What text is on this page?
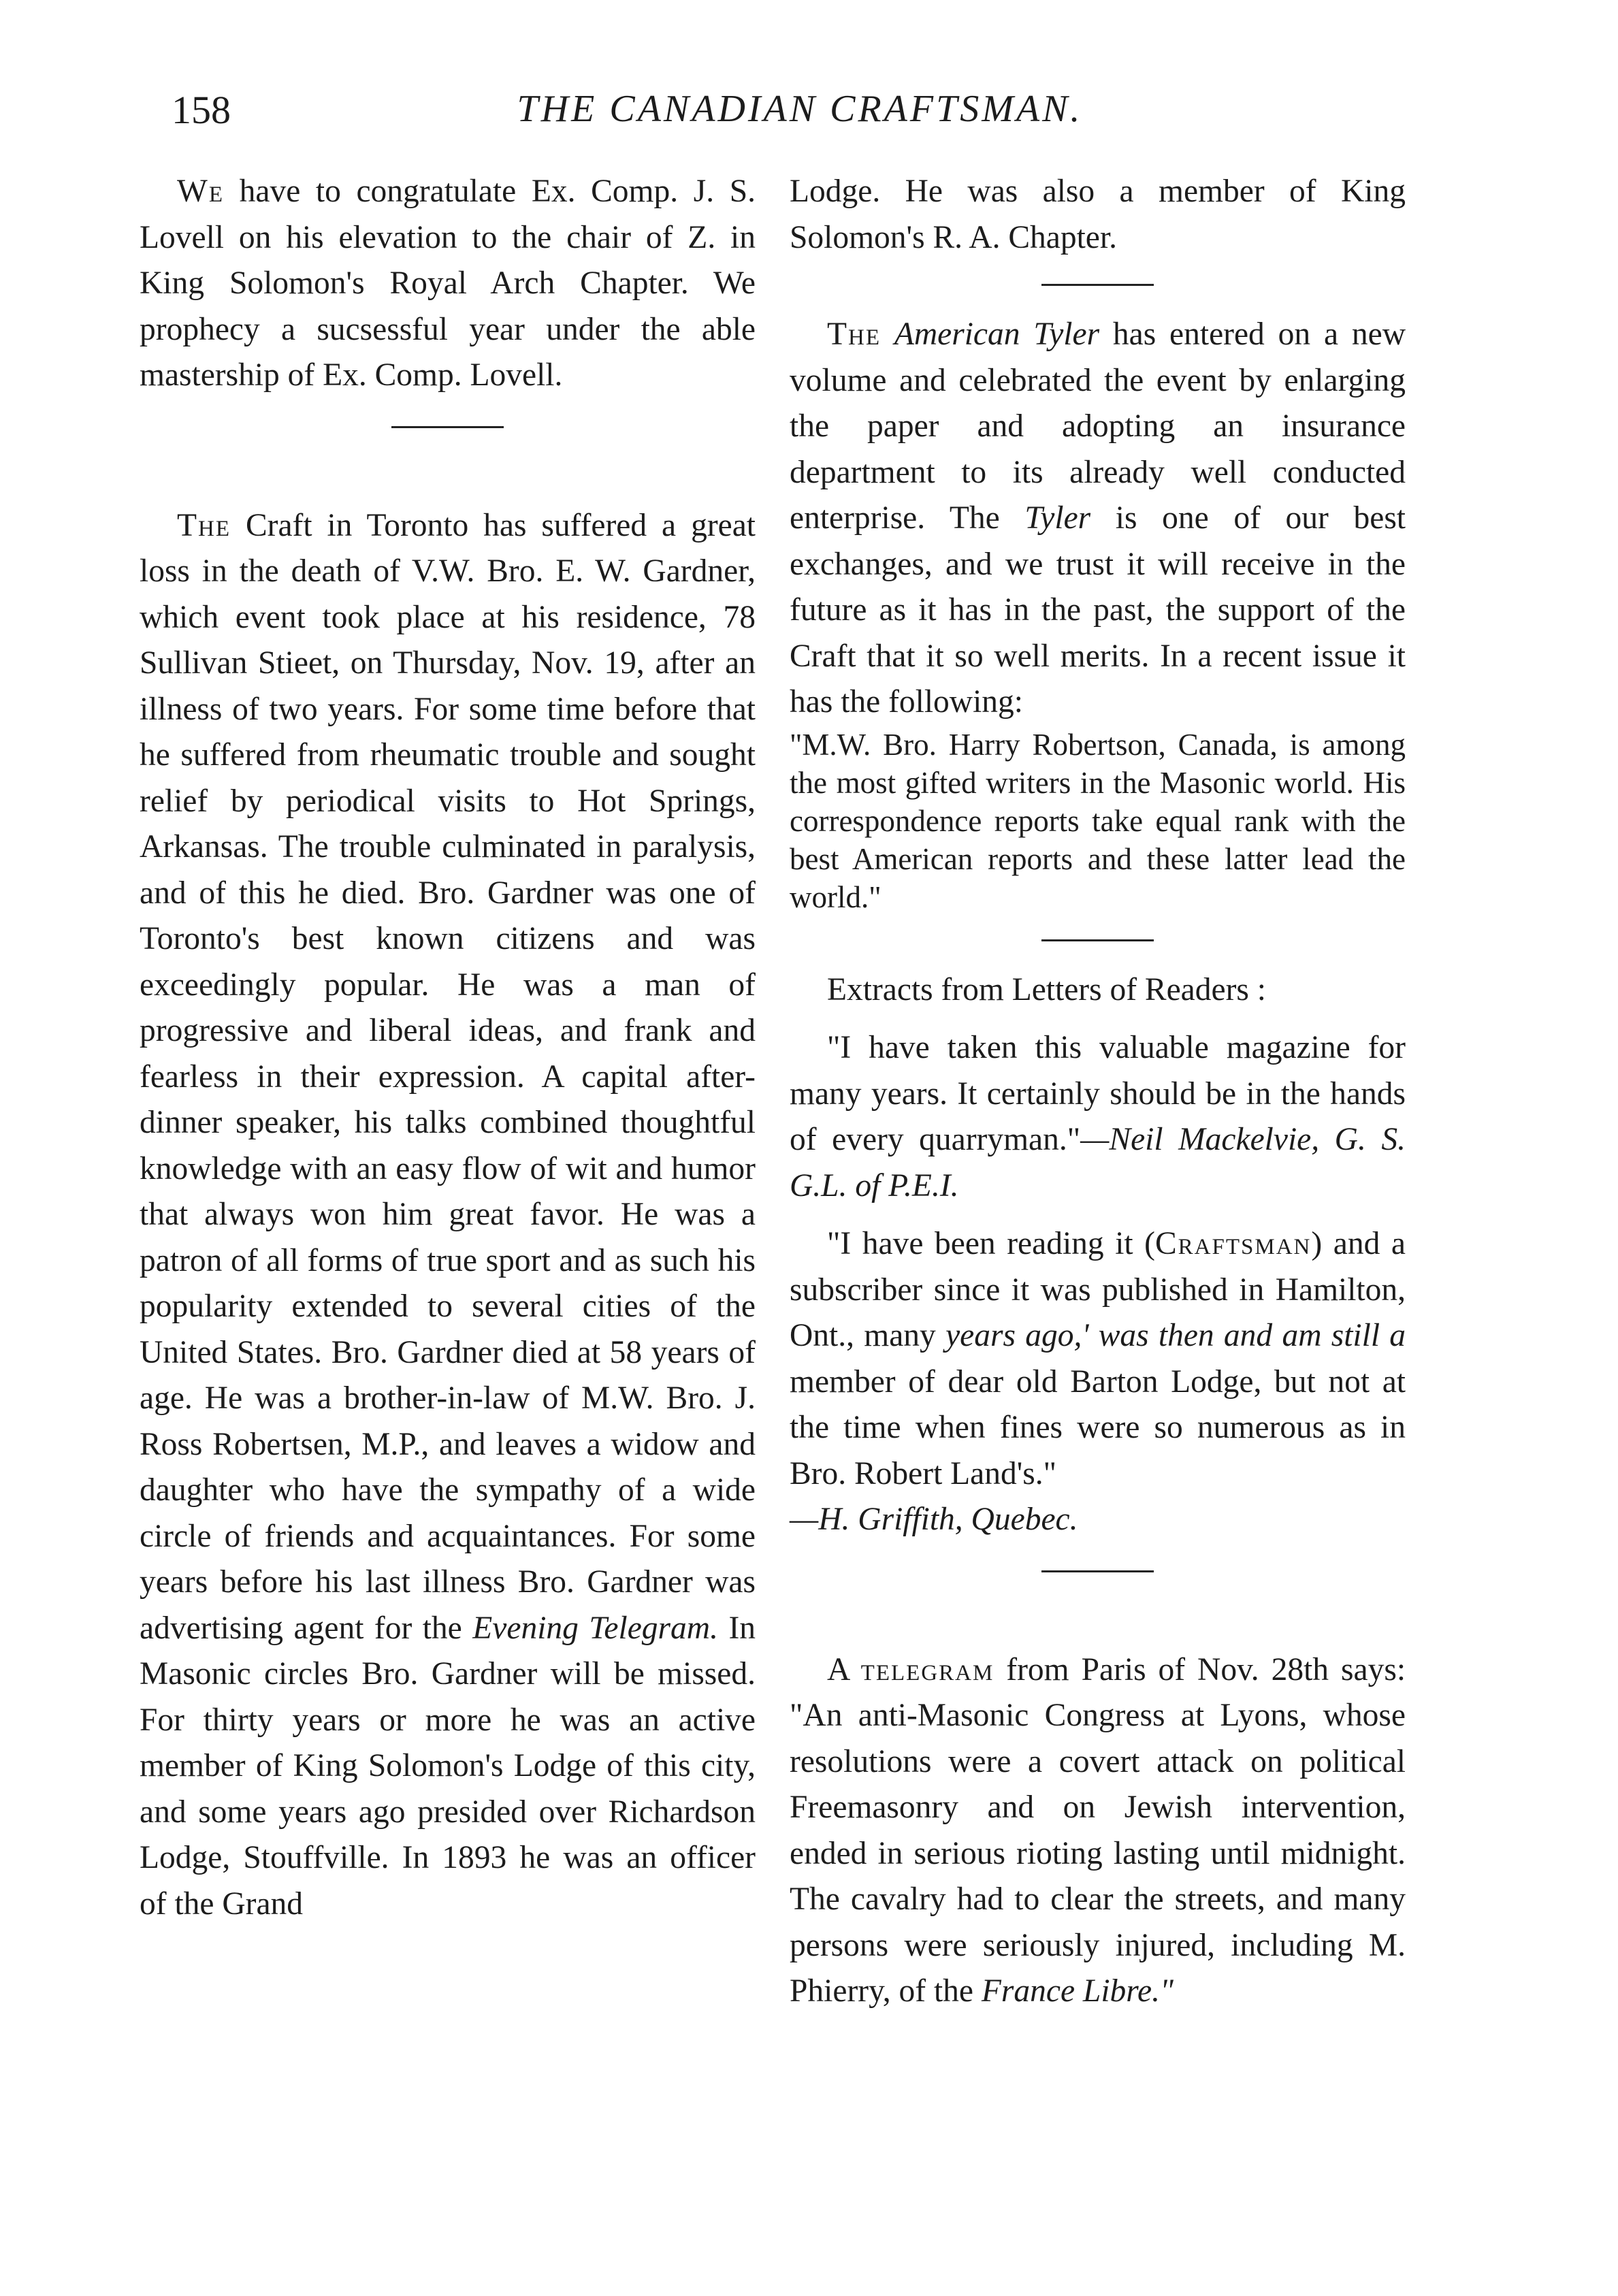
158	THE CANADIAN CRAFTSMAN.

We have to congratulate Ex. Comp. J. S. Lovell on his elevation to the chair of Z. in King Solomon's Royal Arch Chapter. We prophecy a sucsessful year under the able mastership of Ex. Comp. Lovell.

The Craft in Toronto has suffered a great loss in the death of V.W. Bro. E. W. Gardner, which event took place at his residence, 78 Sullivan Stieet, on Thursday, Nov. 19, after an illness of two years. For some time before that he suffered from rheumatic trouble and sought relief by periodical visits to Hot Springs, Arkansas. The trouble culminated in paralysis, and of this he died. Bro. Gardner was one of Toronto's best known citizens and was exceedingly popular. He was a man of progressive and liberal ideas, and frank and fearless in their expression. A capital after-dinner speaker, his talks combined thoughtful knowledge with an easy flow of wit and humor that always won him great favor. He was a patron of all forms of true sport and as such his popularity extended to several cities of the United States. Bro. Gardner died at 58 years of age. He was a brother-in-law of M.W. Bro. J. Ross Robertsen, M.P., and leaves a widow and daughter who have the sympathy of a wide circle of friends and acquaintances. For some years before his last illness Bro. Gardner was advertising agent for the Evening Telegram. In Masonic circles Bro. Gardner will be missed. For thirty years or more he was an active member of King Solomon's Lodge of this city, and some years ago presided over Richardson Lodge, Stouffville. In 1893 he was an officer of the Grand

Lodge. He was also a member of King Solomon's R. A. Chapter.

The American Tyler has entered on a new volume and celebrated the event by enlarging the paper and adopting an insurance department to its already well conducted enterprise. The Tyler is one of our best exchanges, and we trust it will receive in the future as it has in the past, the support of the Craft that it so well merits. In a recent issue it has the following:

"M.W. Bro. Harry Robertson, Canada, is among the most gifted writers in the Masonic world. His correspondence reports take equal rank with the best American reports and these latter lead the world."

Extracts from Letters of Readers :

"I have taken this valuable magazine for many years. It certainly should be in the hands of every quarryman."—Neil Mackelvie, G. S. G.L. of P.E.I.

"I have been reading it (Craftsman) and a subscriber since it was published in Hamilton, Ont., many years ago,' was then and am still a member of dear old Barton Lodge, but not at the time when fines were so numerous as in Bro. Robert Land's."

—H. Griffith, Quebec.

A telegram from Paris of Nov. 28th says: "An anti-Masonic Congress at Lyons, whose resolutions were a covert attack on political Freemasonry and on Jewish intervention, ended in serious rioting lasting until midnight. The cavalry had to clear the streets, and many persons were seriously injured, including M. Phierry, of the France Libre."
